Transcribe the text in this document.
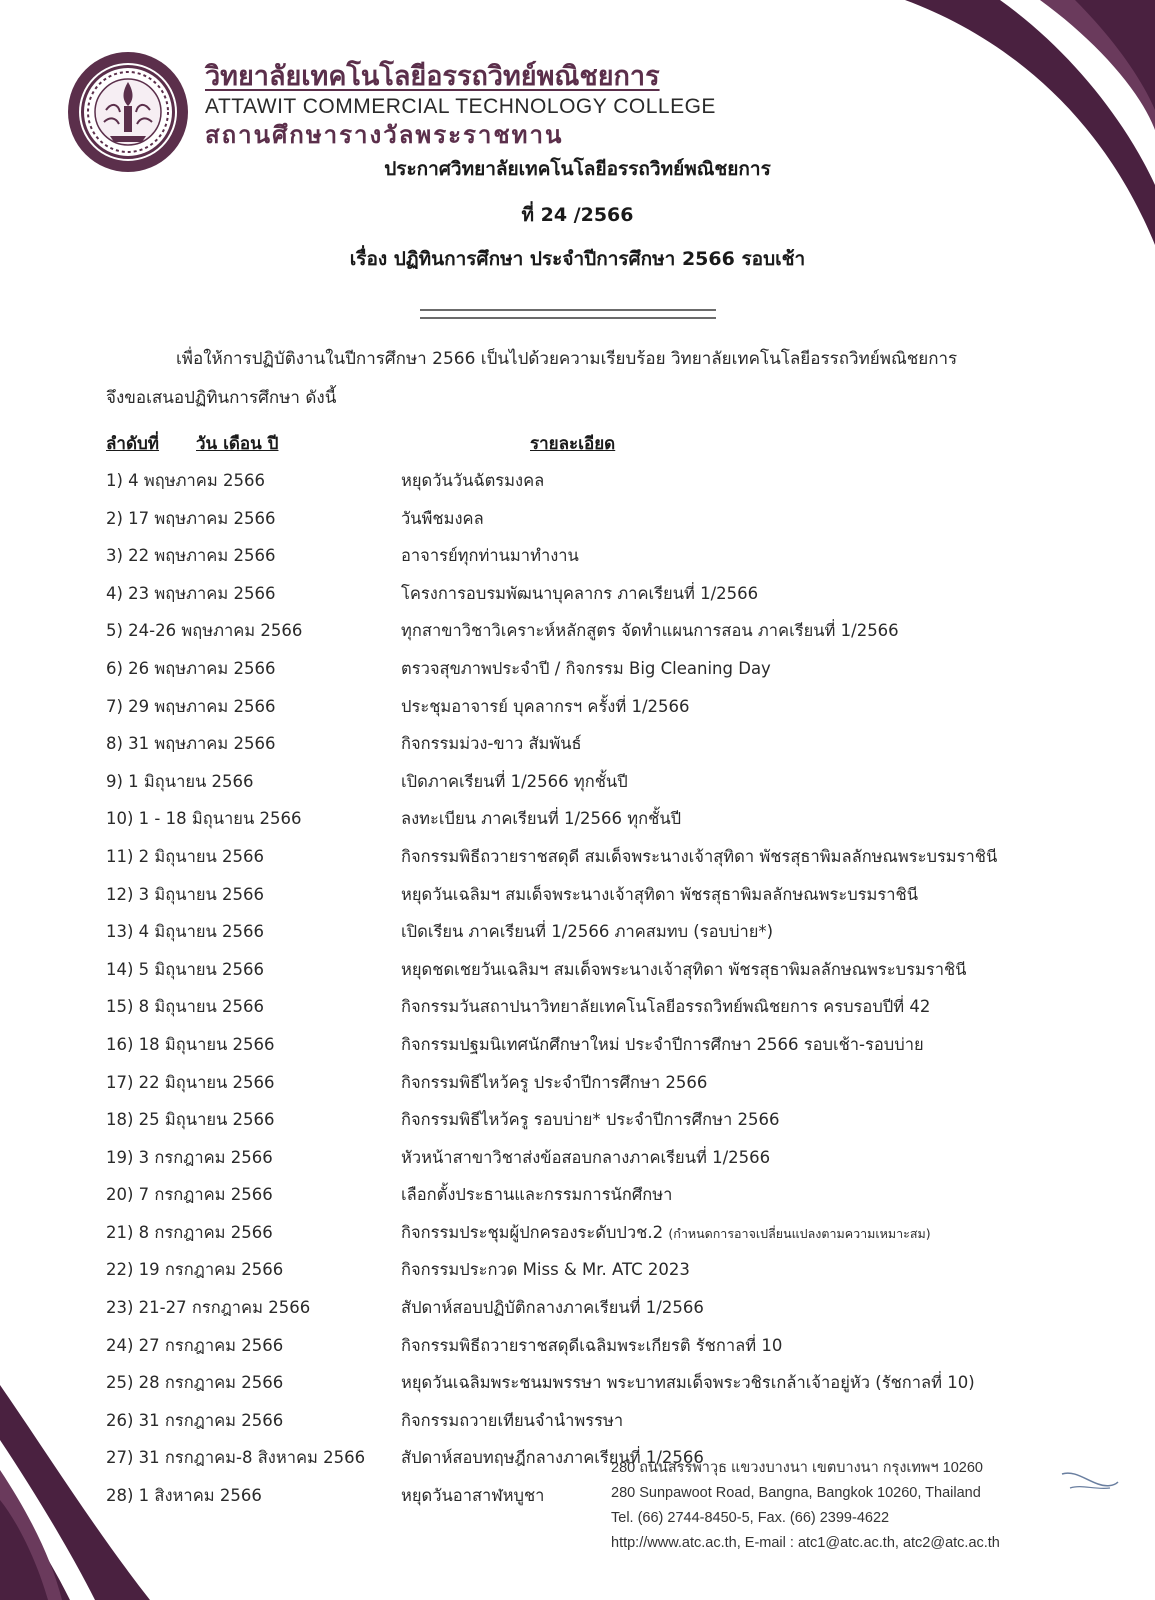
วิทยาลัยเทคโนโลยีอรรถวิทย์พณิชยการ
ATTAWIT COMMERCIAL TECHNOLOGY COLLEGE
สถานศึกษารางวัลพระราชทาน
ประกาศวิทยาลัยเทคโนโลยีอรรถวิทย์พณิชยการ
ที่ 24 /2566
เรื่อง ปฏิทินการศึกษา ประจำปีการศึกษา 2566 รอบเช้า
เพื่อให้การปฏิบัติงานในปีการศึกษา 2566 เป็นไปด้วยความเรียบร้อย วิทยาลัยเทคโนโลยีอรรถวิทย์พณิชยการ
จึงขอเสนอปฏิทินการศึกษา ดังนี้
ลำดับที่ วัน เดือน ปี	รายละเอียด
1) 4 พฤษภาคม 2566	หยุดวันวันฉัตรมงคล
2) 17 พฤษภาคม 2566	วันพืชมงคล
3) 22 พฤษภาคม 2566	อาจารย์ทุกท่านมาทำงาน
4) 23 พฤษภาคม 2566	โครงการอบรมพัฒนาบุคลากร ภาคเรียนที่ 1/2566
5) 24-26 พฤษภาคม 2566	ทุกสาขาวิชาวิเคราะห์หลักสูตร จัดทำแผนการสอน ภาคเรียนที่ 1/2566
6) 26 พฤษภาคม 2566	ตรวจสุขภาพประจำปี / กิจกรรม Big Cleaning Day
7) 29 พฤษภาคม 2566	ประชุมอาจารย์ บุคลากรฯ ครั้งที่ 1/2566
8) 31 พฤษภาคม 2566	กิจกรรมม่วง-ขาว สัมพันธ์
9) 1 มิถุนายน 2566	เปิดภาคเรียนที่ 1/2566 ทุกชั้นปี
10) 1 - 18 มิถุนายน 2566	ลงทะเบียน ภาคเรียนที่ 1/2566 ทุกชั้นปี
11) 2 มิถุนายน 2566	กิจกรรมพิธีถวายราชสดุดี สมเด็จพระนางเจ้าสุทิดา พัชรสุธาพิมลลักษณพระบรมราชินี
12) 3 มิถุนายน 2566	หยุดวันเฉลิมฯ สมเด็จพระนางเจ้าสุทิดา พัชรสุธาพิมลลักษณพระบรมราชินี
13) 4 มิถุนายน 2566	เปิดเรียน ภาคเรียนที่ 1/2566 ภาคสมทบ (รอบบ่าย*)
14) 5 มิถุนายน 2566	หยุดชดเชยวันเฉลิมฯ สมเด็จพระนางเจ้าสุทิดา พัชรสุธาพิมลลักษณพระบรมราชินี
15) 8 มิถุนายน 2566	กิจกรรมวันสถาปนาวิทยาลัยเทคโนโลยีอรรถวิทย์พณิชยการ ครบรอบปีที่ 42
16) 18 มิถุนายน 2566	กิจกรรมปฐมนิเทศนักศึกษาใหม่ ประจำปีการศึกษา 2566 รอบเช้า-รอบบ่าย
17) 22 มิถุนายน 2566	กิจกรรมพิธีไหว้ครู ประจำปีการศึกษา 2566
18) 25 มิถุนายน 2566	กิจกรรมพิธีไหว้ครู รอบบ่าย* ประจำปีการศึกษา 2566
19) 3 กรกฎาคม 2566	หัวหน้าสาขาวิชาส่งข้อสอบกลางภาคเรียนที่ 1/2566
20) 7 กรกฎาคม 2566	เลือกตั้งประธานและกรรมการนักศึกษา
21) 8 กรกฎาคม 2566	กิจกรรมประชุมผู้ปกครองระดับปวช.2 (กำหนดการอาจเปลี่ยนแปลงตามความเหมาะสม)
22) 19 กรกฎาคม 2566	กิจกรรมประกวด Miss & Mr. ATC 2023
23) 21-27 กรกฎาคม 2566	สัปดาห์สอบปฏิบัติกลางภาคเรียนที่ 1/2566
24) 27 กรกฎาคม 2566	กิจกรรมพิธีถวายราชสดุดีเฉลิมพระเกียรติ รัชกาลที่ 10
25) 28 กรกฎาคม 2566	หยุดวันเฉลิมพระชนมพรรษา พระบาทสมเด็จพระวชิรเกล้าเจ้าอยู่หัว (รัชกาลที่ 10)
26) 31 กรกฎาคม 2566	กิจกรรมถวายเทียนจำนำพรรษา
27) 31 กรกฎาคม-8 สิงหาคม 2566 สัปดาห์สอบทฤษฎีกลางภาคเรียนที่ 1/2566
28) 1 สิงหาคม 2566	หยุดวันอาสาฬหบูชา
280 ถนนสรรพาวุธ แขวงบางนา เขตบางนา กรุงเทพฯ 10260
280 Sunpawoot Road, Bangna, Bangkok 10260, Thailand
Tel. (66) 2744-8450-5, Fax. (66) 2399-4622
http://www.atc.ac.th, E-mail : atc1@atc.ac.th, atc2@atc.ac.th
